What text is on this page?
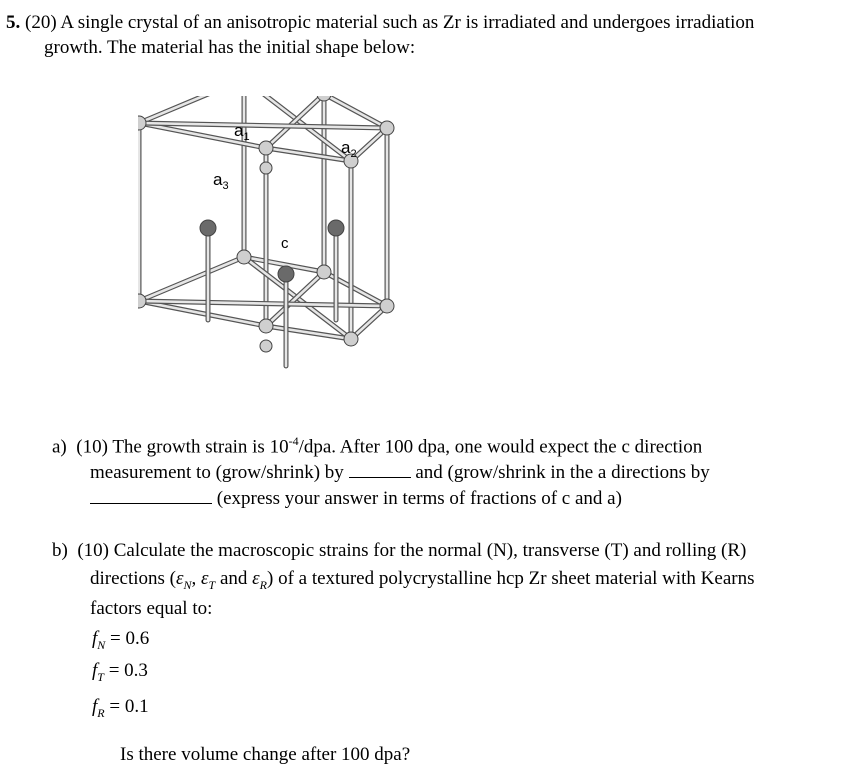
5. (20) A single crystal of an anisotropic material such as Zr is irradiated and undergoes irradiation
growth. The material has the initial shape below:
$a_1$
$a_2$
$a_3$
c
a) (10) The growth strain is $10^{-4}$/dpa. After 100 dpa, one would expect the c direction
measurement to (grow/shrink) by	and (grow/shrink in the a directions by
(express your answer in terms of fractions of c and a)
b) (10) Calculate the macroscopic strains for the normal (N), transverse (T) and rolling (R)
directions ($\varepsilon_N$, $\varepsilon_T$ and $\varepsilon_R$) of a textured polycrystalline hcp Zr sheet material with Kearns
factors equal to:
$f_N = 0.6$
$f_T = 0.3$
$f_R = 0.1$
Is there volume change after 100 dpa?
